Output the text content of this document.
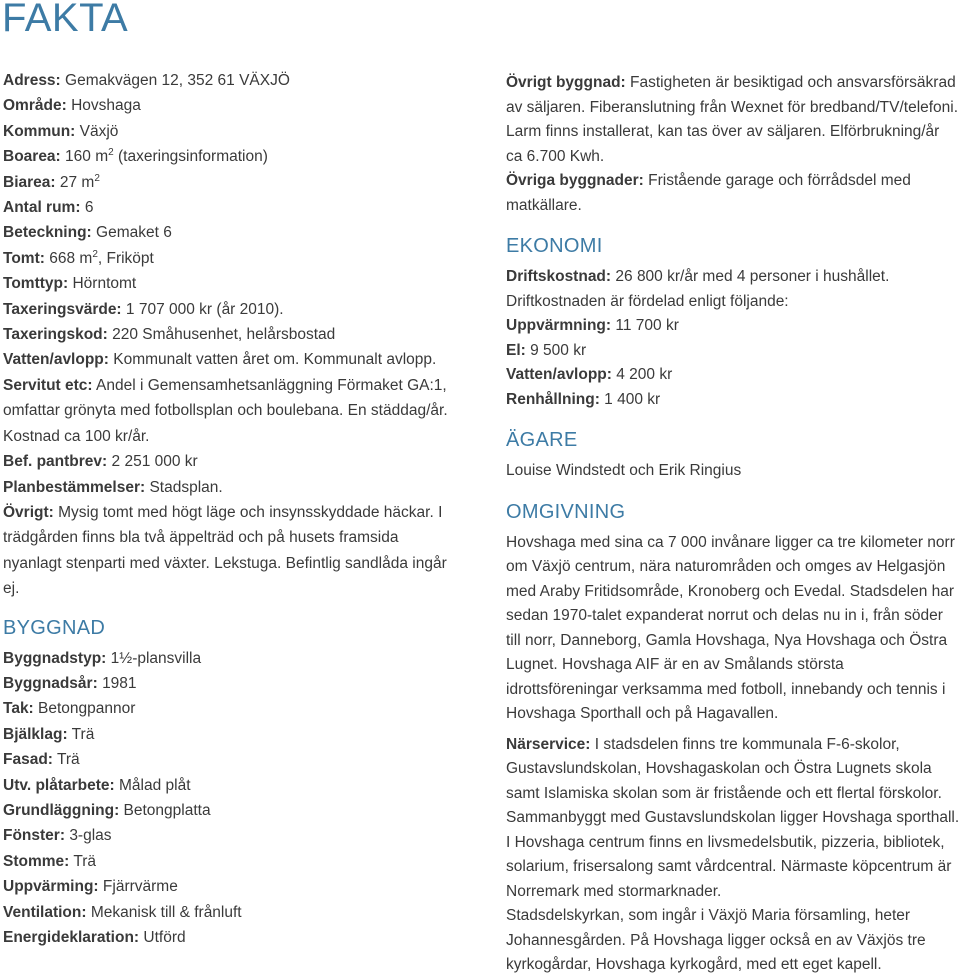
FAKTA

Adress: Gemakvägen 12, 352 61 VÄXJÖ

Område: Hovshaga

Kommun: Växjö

Boarea: 160 $m^2$ (taxeringsinformation)

Biarea: 27 $m^2$

Antal rum: 6

Beteckning: Gemaket 6

Tomt: 668 $m^2$, Friköpt

Tomttyp: Hörntomt

Taxeringsvärde: 1 707 000 kr (år 2010).

Taxeringskod: 220 Småhusenhet, helårsbostad

Vatten/avlopp: Kommunalt vatten året om. Kommunalt avlopp.

Servitut etc: Andel i Gemensamhetsanläggning Förmaket GA:1, omfattar grönyta med fotbollsplan och boulebana. En städdag/år. Kostnad ca 100 kr/år.

Bef. pantbrev: 2 251 000 kr

Planbestämmelser: Stadsplan.

Övrigt: Mysig tomt med högt läge och insynsskyddade häckar. I trädgården finns bla två äppelträd och på husets framsida nyanlagt stenparti med växter. Lekstuga. Befintlig sandlåda ingår ej.

BYGGNAD

Byggnadstyp: 1½-plansvilla

Byggnadsår: 1981

Tak: Betongpannor

Bjälklag: Trä

Fasad: Trä

Utv. plåtarbete: Målad plåt

Grundläggning: Betongplatta

Fönster: 3-glas

Stomme: Trä

Uppvärming: Fjärrvärme

Ventilation: Mekanisk till & frånluft

Energideklaration: Utförd

Övrigt byggnad: Fastigheten är besiktigad och ansvarsförsäkrad av säljaren. Fiberanslutning från Wexnet för bredband/TV/telefoni. Larm finns installerat, kan tas över av säljaren. Elförbrukning/år ca 6.700 Kwh.

Övriga byggnader: Fristående garage och förrådsdel med matkällare.

EKONOMI

Driftskostnad: 26 800 kr/år med 4 personer i hushållet.

Driftkostnaden är fördelad enligt följande:

Uppvärmning: 11 700 kr

El: 9 500 kr

Vatten/avlopp: 4 200 kr

Renhållning: 1 400 kr

ÄGARE

Louise Windstedt och Erik Ringius

OMGIVNING

Hovshaga med sina ca 7 000 invånare ligger ca tre kilometer norr om Växjö centrum, nära naturområden och omges av Helgasjön med Araby Fritidsområde, Kronoberg och Evedal. Stadsdelen har sedan 1970-talet expanderat norrut och delas nu in i, från söder till norr, Danneborg, Gamla Hovshaga, Nya Hovshaga och Östra Lugnet. Hovshaga AIF är en av Smålands största idrottsföreningar verksamma med fotboll, innebandy och tennis i Hovshaga Sporthall och på Hagavallen.

Närservice: I stadsdelen finns tre kommunala F-6-skolor, Gustavslundskolan, Hovshagaskolan och Östra Lugnets skola samt Islamiska skolan som är fristående och ett flertal förskolor. Sammanbyggt med Gustavslundskolan ligger Hovshaga sporthall.

I Hovshaga centrum finns en livsmedelsbutik, pizzeria, bibliotek, solarium, frisersalong samt vårdcentral. Närmaste köpcentrum är Norremark med stormarknader.

Stadsdelskyrkan, som ingår i Växjö Maria församling, heter Johannesgården. På Hovshaga ligger också en av Växjös tre kyrkogårdar, Hovshaga kyrkogård, med ett eget kapell.
